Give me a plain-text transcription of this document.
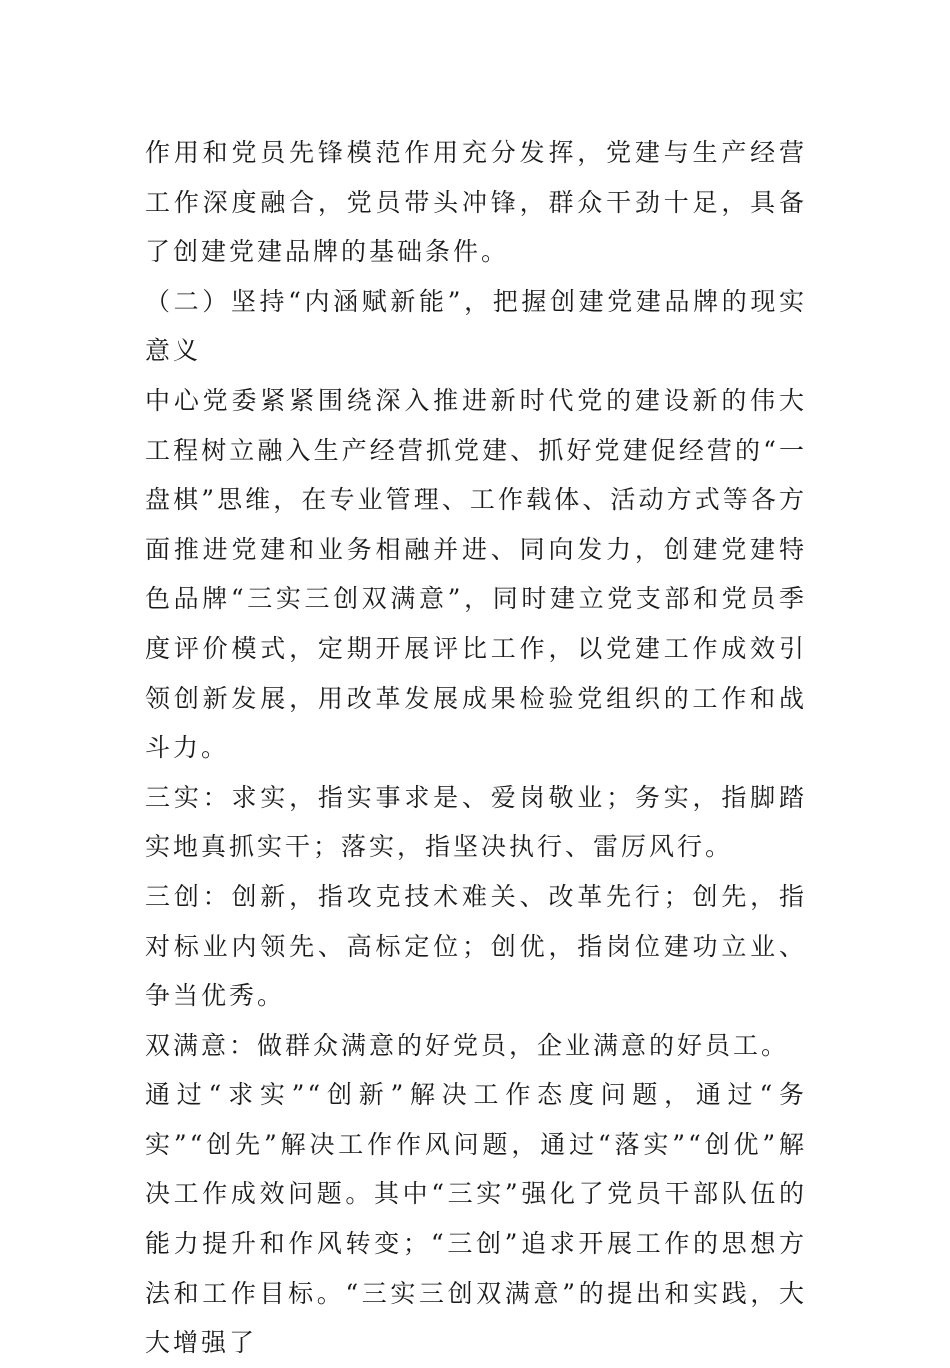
作用和党员先锋模范作用充分发挥，党建与生产经营工作深度融合，党员带头冲锋，群众干劲十足，具备了创建党建品牌的基础条件。

（二）坚持“内涵赋新能”，把握创建党建品牌的现实意义

中心党委紧紧围绕深入推进新时代党的建设新的伟大工程树立融入生产经营抓党建、抓好党建促经营的“一盘棋”思维，在专业管理、工作载体、活动方式等各方面推进党建和业务相融并进、同向发力，创建党建特色品牌“三实三创双满意”，同时建立党支部和党员季度评价模式，定期开展评比工作，以党建工作成效引领创新发展，用改革发展成果检验党组织的工作和战斗力。

三实：求实，指实事求是、爱岗敬业；务实，指脚踏实地真抓实干；落实，指坚决执行、雷厉风行。

三创：创新，指攻克技术难关、改革先行；创先，指对标业内领先、高标定位；创优，指岗位建功立业、争当优秀。

双满意：做群众满意的好党员，企业满意的好员工。

通过“求实”“创新”解决工作态度问题，通过“务实”“创先”解决工作作风问题，通过“落实”“创优”解决工作成效问题。其中“三实”强化了党员干部队伍的能力提升和作风转变；“三创”追求开展工作的思想方法和工作目标。“三实三创双满意”的提出和实践，大大增强了
